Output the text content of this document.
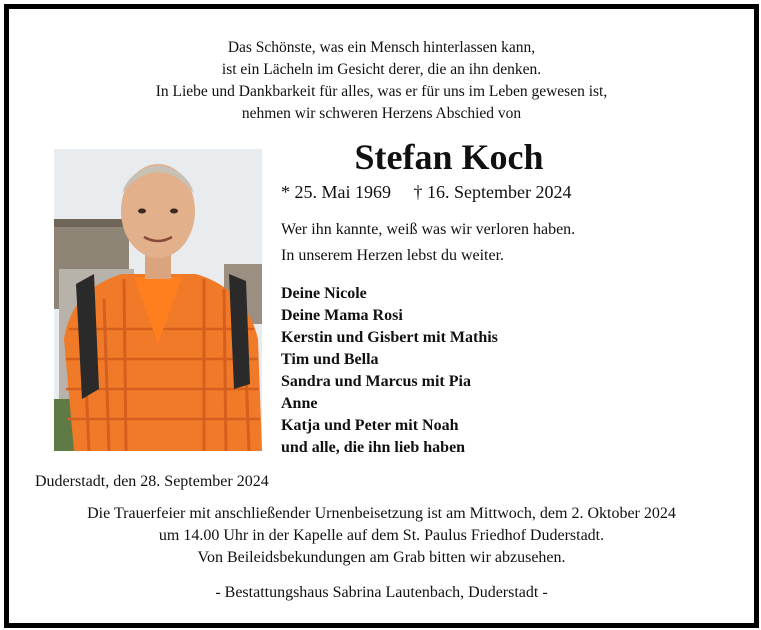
Das Schönste, was ein Mensch hinterlassen kann,
ist ein Lächeln im Gesicht derer, die an ihn denken.
In Liebe und Dankbarkeit für alles, was er für uns im Leben gewesen ist,
nehmen wir schweren Herzens Abschied von
Stefan Koch
* 25. Mai 1969 † 16. September 2024
Wer ihn kannte, weiß was wir verloren haben.
In unserem Herzen lebst du weiter.
Deine Nicole
Deine Mama Rosi
Kerstin und Gisbert mit Mathis
Tim und Bella
Sandra und Marcus mit Pia
Anne
Katja und Peter mit Noah
und alle, die ihn lieb haben
Duderstadt, den 28. September 2024
Die Trauerfeier mit anschließender Urnenbeisetzung ist am Mittwoch, dem 2. Oktober 2024
um 14.00 Uhr in der Kapelle auf dem St. Paulus Friedhof Duderstadt.
Von Beileidsbekundungen am Grab bitten wir abzusehen.
- Bestattungshaus Sabrina Lautenbach, Duderstadt -
